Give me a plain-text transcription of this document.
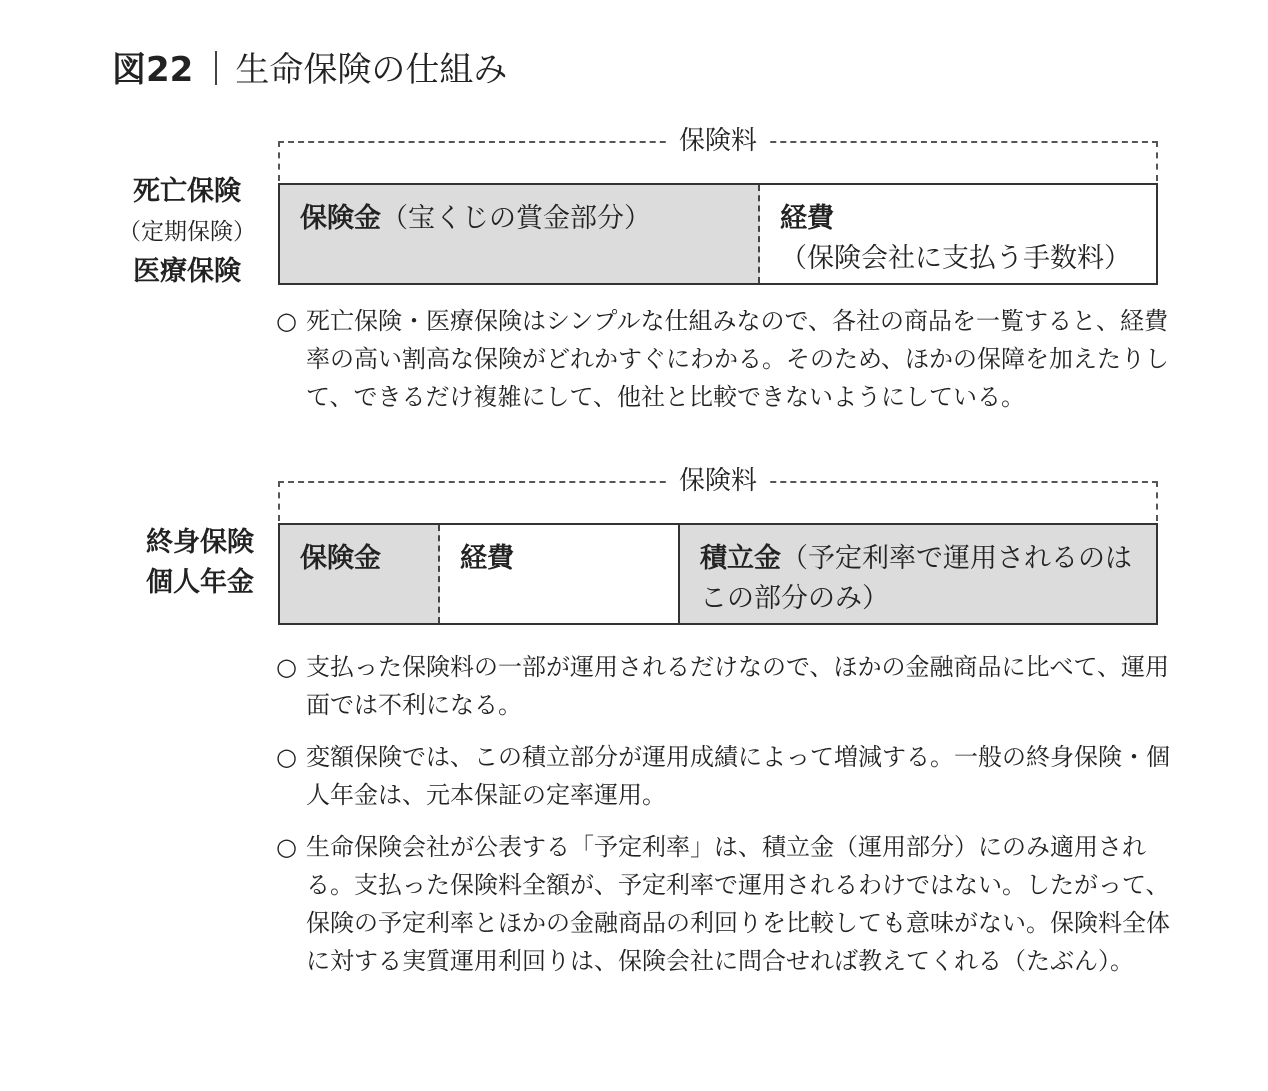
図22 生命保険の仕組み
死亡保険
（定期保険）
医療保険
保険料
保険金（宝くじの賞金部分）	経費
（保険会社に支払う手数料）
○ 死亡保険・医療保険はシンプルな仕組みなので、各社の商品を一覧すると、経費率の高い割高な保険がどれかすぐにわかる。そのため、ほかの保障を加えたりして、できるだけ複雑にして、他社と比較できないようにしている。
終身保険
個人年金
保険料
保険金	経費	積立金（予定利率で運用されるのはこの部分のみ）
○ 支払った保険料の一部が運用されるだけなので、ほかの金融商品に比べて、運用面では不利になる。
○ 変額保険では、この積立部分が運用成績によって増減する。一般の終身保険・個人年金は、元本保証の定率運用。
○ 生命保険会社が公表する「予定利率」は、積立金（運用部分）にのみ適用される。支払った保険料全額が、予定利率で運用されるわけではない。したがって、保険の予定利率とほかの金融商品の利回りを比較しても意味がない。保険料全体に対する実質運用利回りは、保険会社に問合せれば教えてくれる（たぶん）。
